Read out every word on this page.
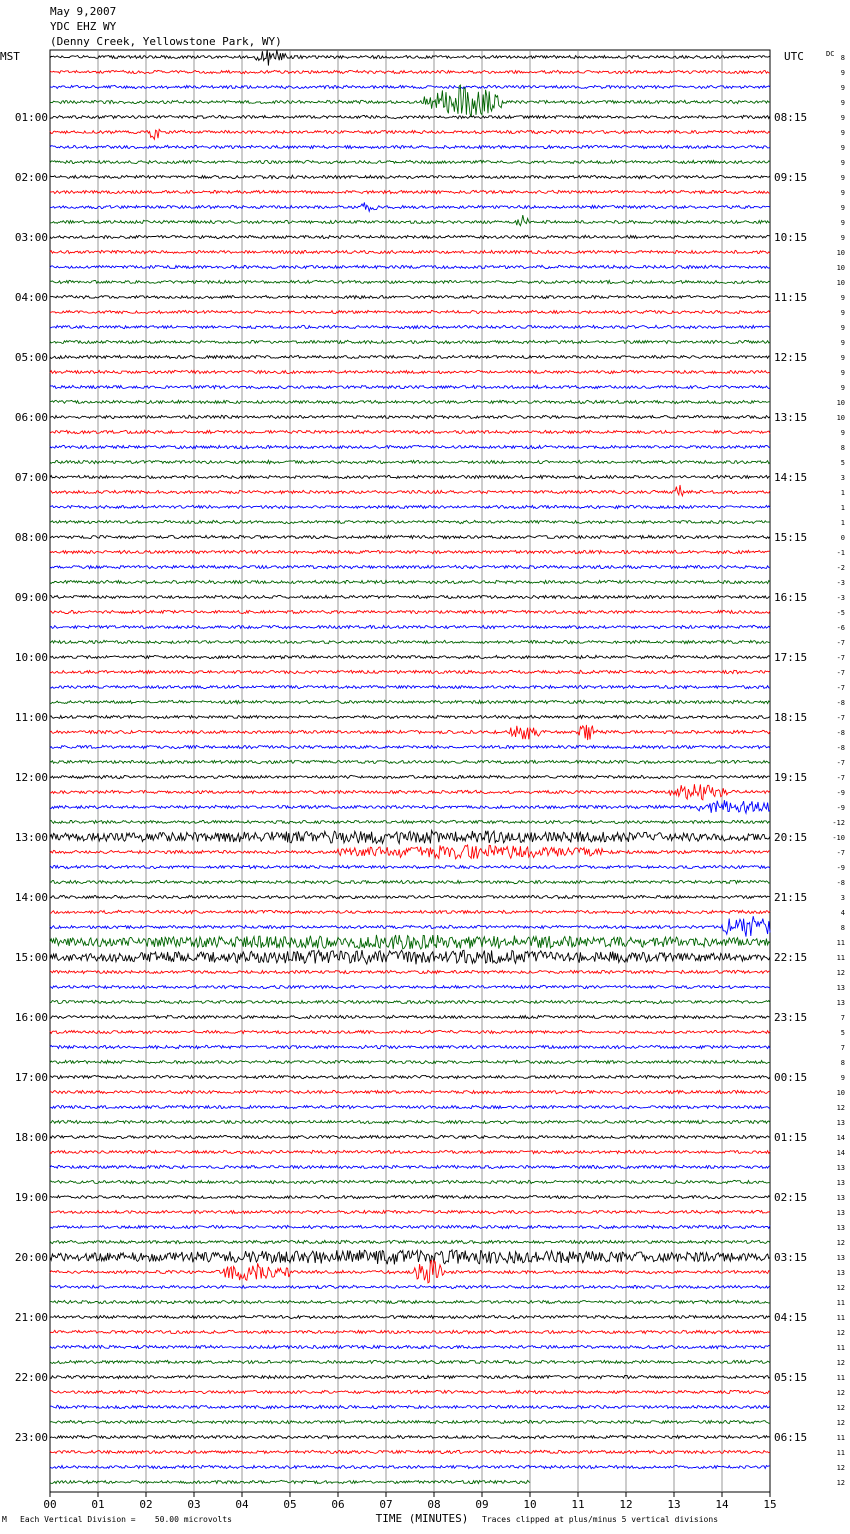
May 9,2007
YDC EHZ WY
(Denny Creek, Yellowstone Park, WY)
01:00
02:00
03:00
04:00
05:00
06:00
07:00
08:00
09:00
10:00
11:00
12:00
13:00
14:00
15:00
16:00
17:00
18:00
19:00
20:00
21:00
22:00
23:00
08:15
09:15
10:15
11:15
12:15
13:15
14:15
15:15
16:15
17:15
18:15
19:15
20:15
21:15
22:15
23:15
00:15
01:15
02:15
03:15
04:15
05:15
06:15
MST	UTC	DC 8
9
9
9
9
9
9
9
9
9
9
9
9
10
10
10
9
9
9
9
9
9
9
10
10
9
8
5
3
1
1
1
0
-1
-2
-3
-3
-5
-6
-7
-7
-7
-7
-8
-7
-8
-8
-7
-7
-9
-9
-12
-10
-7
-9
-8
3
4
8
11
11
12
13
13
7
5
7
8
9
10
12
13
14
14
13
13
13
13
13
12
13
13
12
11
11
12
11
12
11
12
12
12
11
11
12
12
00	01	02	03	04	05	06	07	08	09	10	11	12	13	14	15
TIME (MINUTES)
M Each Vertical Division =    50.00 microvolts	Traces clipped at plus/minus 5 vertical divisions
